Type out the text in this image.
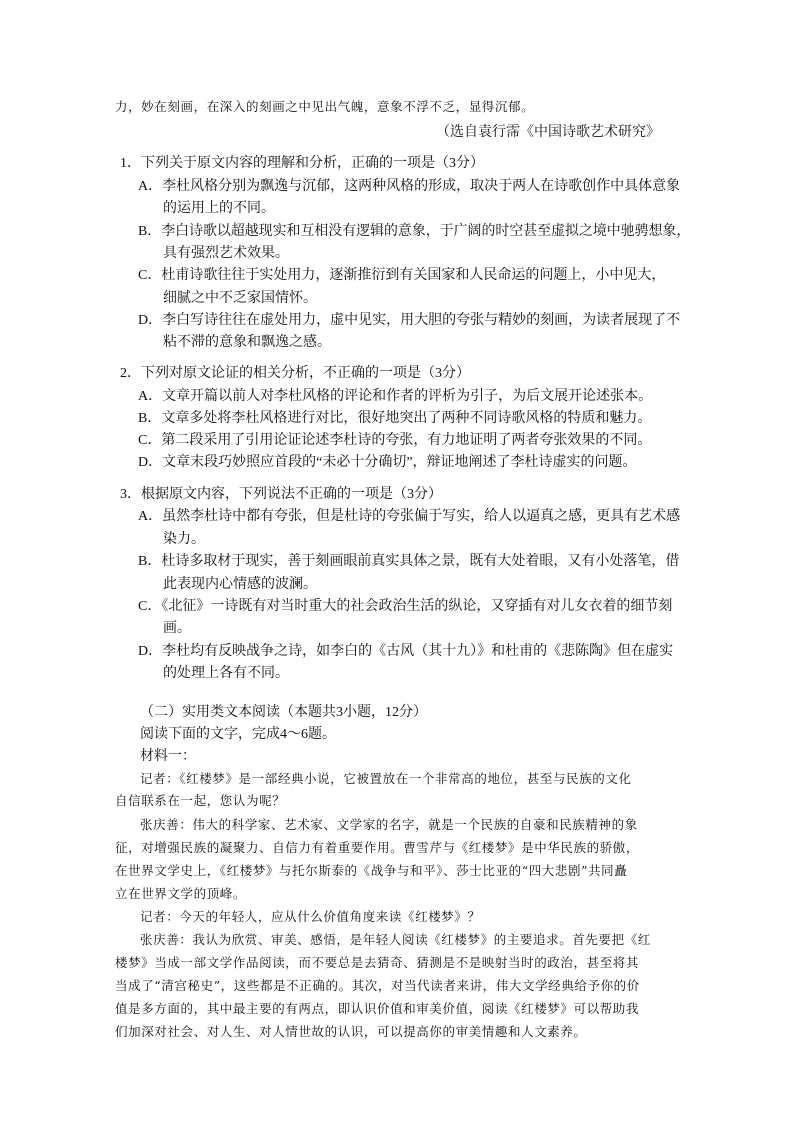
力，妙在刻画，在深入的刻画之中见出气魄，意象不浮不乏，显得沉郁。
（选自袁行霈《中国诗歌艺术研究》
1．下列关于原文内容的理解和分析，正确的一项是（3分）
A．李杜风格分别为飘逸与沉郁，这两种风格的形成，取决于两人在诗歌创作中具体意象
的运用上的不同。
B．李白诗歌以超越现实和互相没有逻辑的意象，于广阔的时空甚至虚拟之境中驰骋想象，
具有强烈艺术效果。
C．杜甫诗歌往往于实处用力，逐渐推衍到有关国家和人民命运的问题上，小中见大，
细腻之中不乏家国情怀。
D．李白写诗往往在虚处用力，虚中见实，用大胆的夸张与精妙的刻画，为读者展现了不
粘不滞的意象和飘逸之感。
2．下列对原文论证的相关分析，不正确的一项是（3分）
A．文章开篇以前人对李杜风格的评论和作者的评析为引子，为后文展开论述张本。
B．文章多处将李杜风格进行对比，很好地突出了两种不同诗歌风格的特质和魅力。
C．第二段采用了引用论证论述李杜诗的夸张，有力地证明了两者夸张效果的不同。
D．文章末段巧妙照应首段的“未必十分确切”，辩证地阐述了李杜诗虚实的问题。
3．根据原文内容，下列说法不正确的一项是（3分）
A．虽然李杜诗中都有夸张，但是杜诗的夸张偏于写实，给人以逼真之感，更具有艺术感
染力。
B．杜诗多取材于现实，善于刻画眼前真实具体之景，既有大处着眼，又有小处落笔，借
此表现内心情感的波澜。
C．《北征》一诗既有对当时重大的社会政治生活的纵论，又穿插有对儿女衣着的细节刻
画。
D．李杜均有反映战争之诗，如李白的《古风（其十九）》和杜甫的《悲陈陶》但在虚实
的处理上各有不同。
（二）实用类文本阅读（本题共3小题，12分）
阅读下面的文字，完成4～6题。
材料一：
记者：《红楼梦》是一部经典小说，它被置放在一个非常高的地位，甚至与民族的文化
自信联系在一起，您认为呢？
张庆善：伟大的科学家、艺术家、文学家的名字，就是一个民族的自豪和民族精神的象
征，对增强民族的凝聚力、自信力有着重要作用。曹雪芹与《红楼梦》是中华民族的骄傲，
在世界文学史上，《红楼梦》与托尔斯泰的《战争与和平》、莎士比亚的“四大悲剧”共同矗
立在世界文学的顶峰。
记者：今天的年轻人，应从什么价值角度来读《红楼梦》？
张庆善：我认为欣赏、审美、感悟，是年轻人阅读《红楼梦》的主要追求。首先要把《红
楼梦》当成一部文学作品阅读，而不要总是去猜奇、猜测是不是映射当时的政治，甚至将其
当成了“清宫秘史”，这些都是不正确的。其次，对当代读者来讲，伟大文学经典给予你的价
值是多方面的，其中最主要的有两点，即认识价值和审美价值，阅读《红楼梦》可以帮助我
们加深对社会、对人生、对人情世故的认识，可以提高你的审美情趣和人文素养。
